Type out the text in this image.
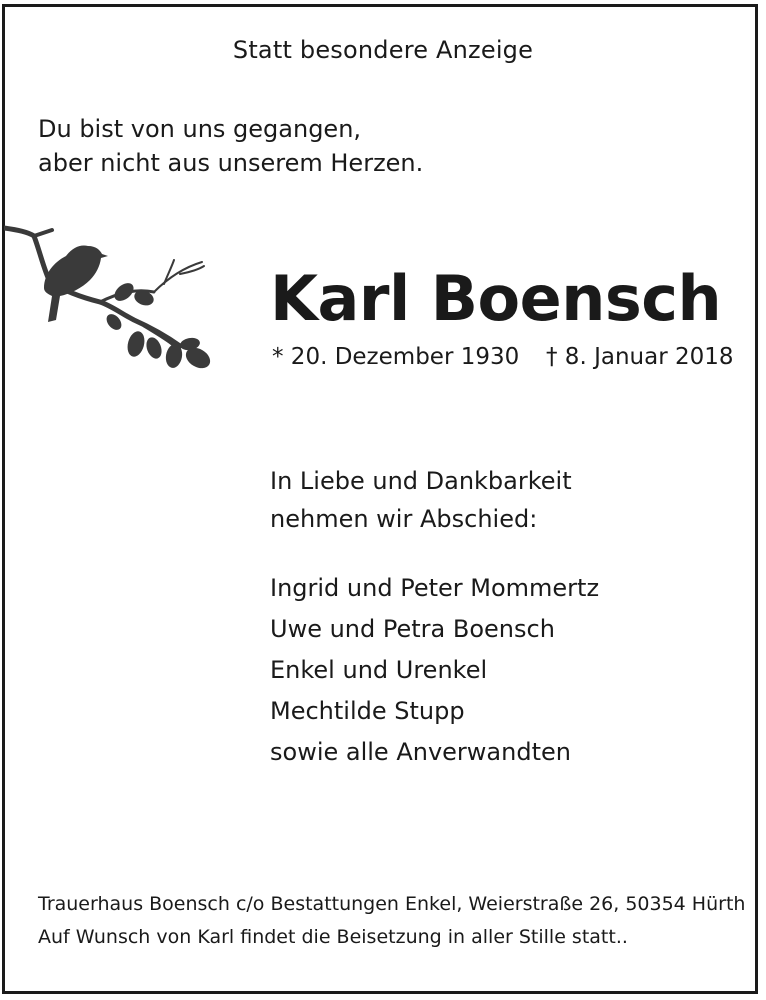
Statt besondere Anzeige
Du bist von uns gegangen,
aber nicht aus unserem Herzen.
Karl Boensch
* 20. Dezember 1930 † 8. Januar 2018
In Liebe und Dankbarkeit
nehmen wir Abschied:
Ingrid und Peter Mommertz
Uwe und Petra Boensch
Enkel und Urenkel
Mechtilde Stupp
sowie alle Anverwandten
Trauerhaus Boensch c/o Bestattungen Enkel, Weierstraße 26, 50354 Hürth
Auf Wunsch von Karl findet die Beisetzung in aller Stille statt..
